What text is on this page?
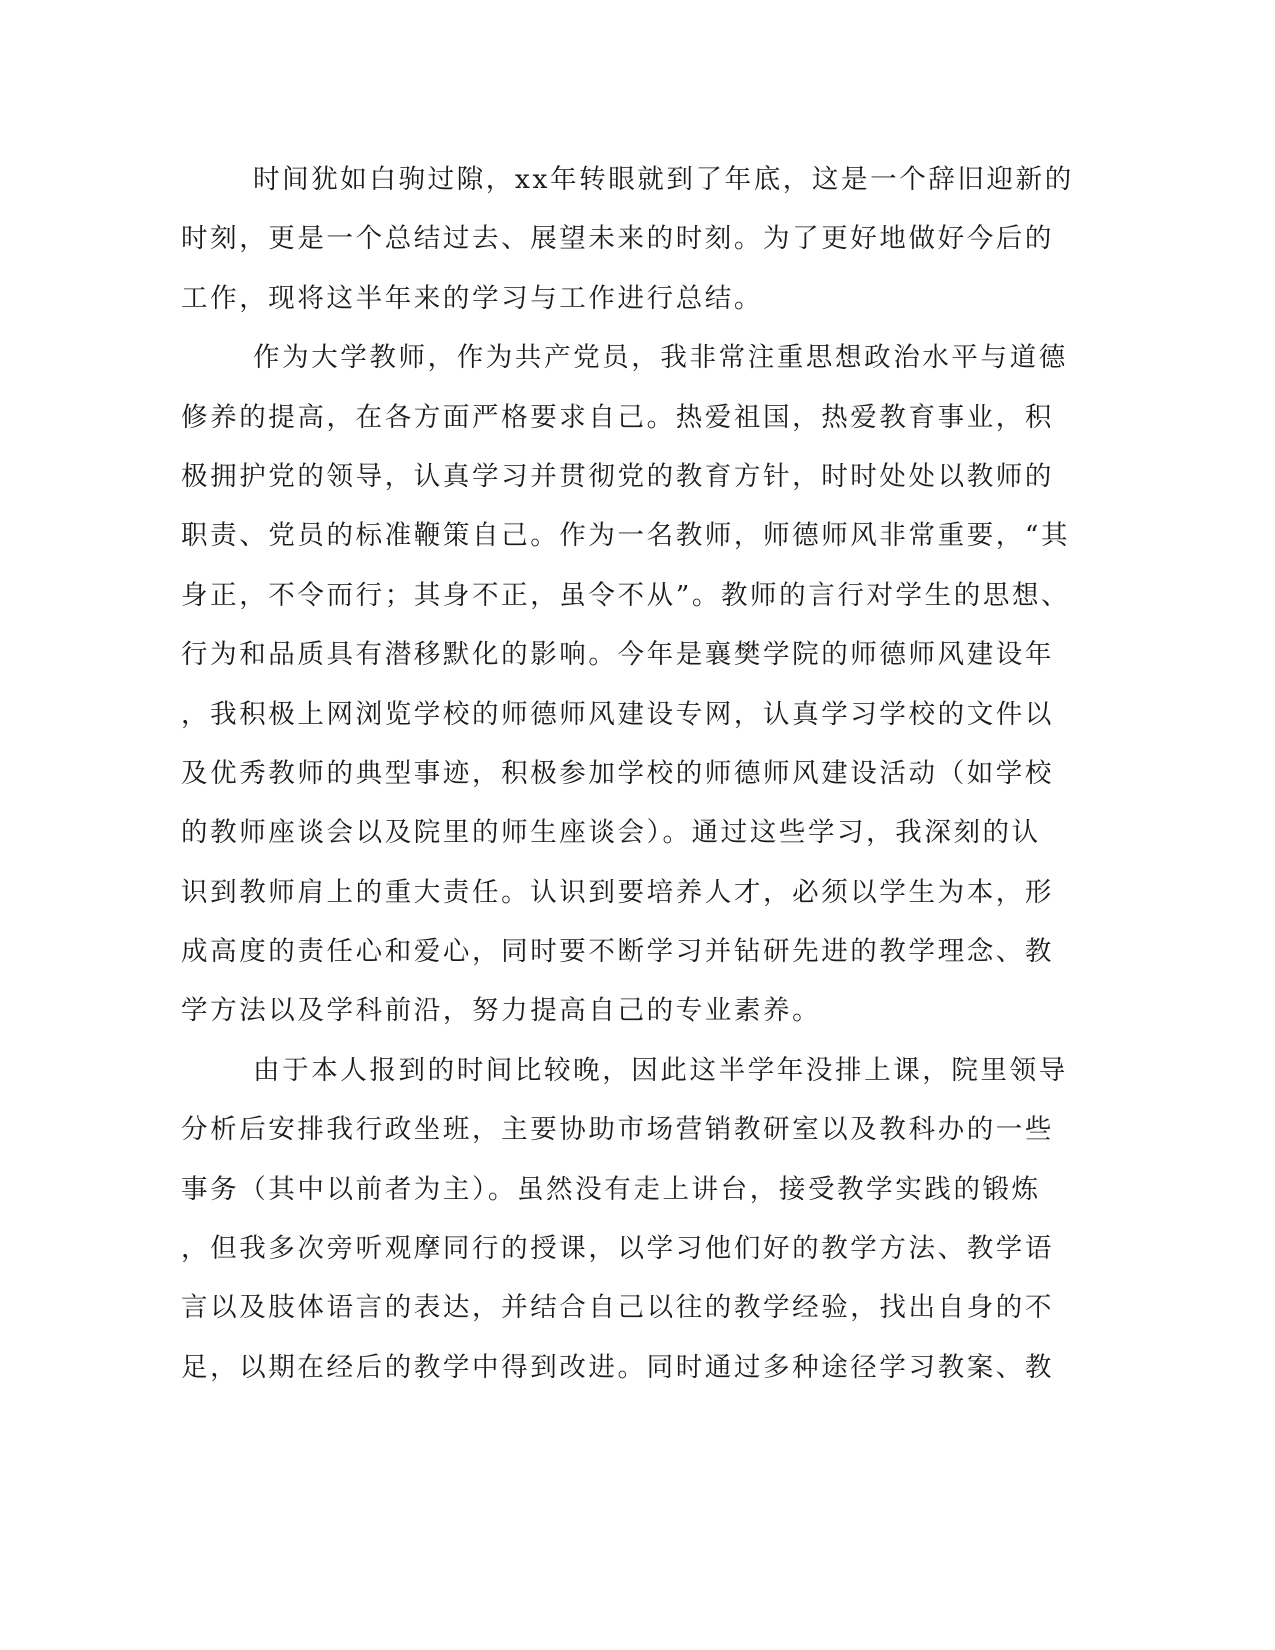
时间犹如白驹过隙，xx年转眼就到了年底，这是一个辞旧迎新的
时刻，更是一个总结过去、展望未来的时刻。为了更好地做好今后的
工作，现将这半年来的学习与工作进行总结。
作为大学教师，作为共产党员，我非常注重思想政治水平与道德
修养的提高，在各方面严格要求自己。热爱祖国，热爱教育事业，积
极拥护党的领导，认真学习并贯彻党的教育方针，时时处处以教师的
职责、党员的标准鞭策自己。作为一名教师，师德师风非常重要，“其
身正，不令而行；其身不正，虽令不从”。教师的言行对学生的思想、
行为和品质具有潜移默化的影响。今年是襄樊学院的师德师风建设年
，我积极上网浏览学校的师德师风建设专网，认真学习学校的文件以
及优秀教师的典型事迹，积极参加学校的师德师风建设活动（如学校
的教师座谈会以及院里的师生座谈会）。通过这些学习，我深刻的认
识到教师肩上的重大责任。认识到要培养人才，必须以学生为本，形
成高度的责任心和爱心，同时要不断学习并钻研先进的教学理念、教
学方法以及学科前沿，努力提高自己的专业素养。
由于本人报到的时间比较晚，因此这半学年没排上课，院里领导
分析后安排我行政坐班，主要协助市场营销教研室以及教科办的一些
事务（其中以前者为主）。虽然没有走上讲台，接受教学实践的锻炼
，但我多次旁听观摩同行的授课，以学习他们好的教学方法、教学语
言以及肢体语言的表达，并结合自己以往的教学经验，找出自身的不
足，以期在经后的教学中得到改进。同时通过多种途径学习教案、教
